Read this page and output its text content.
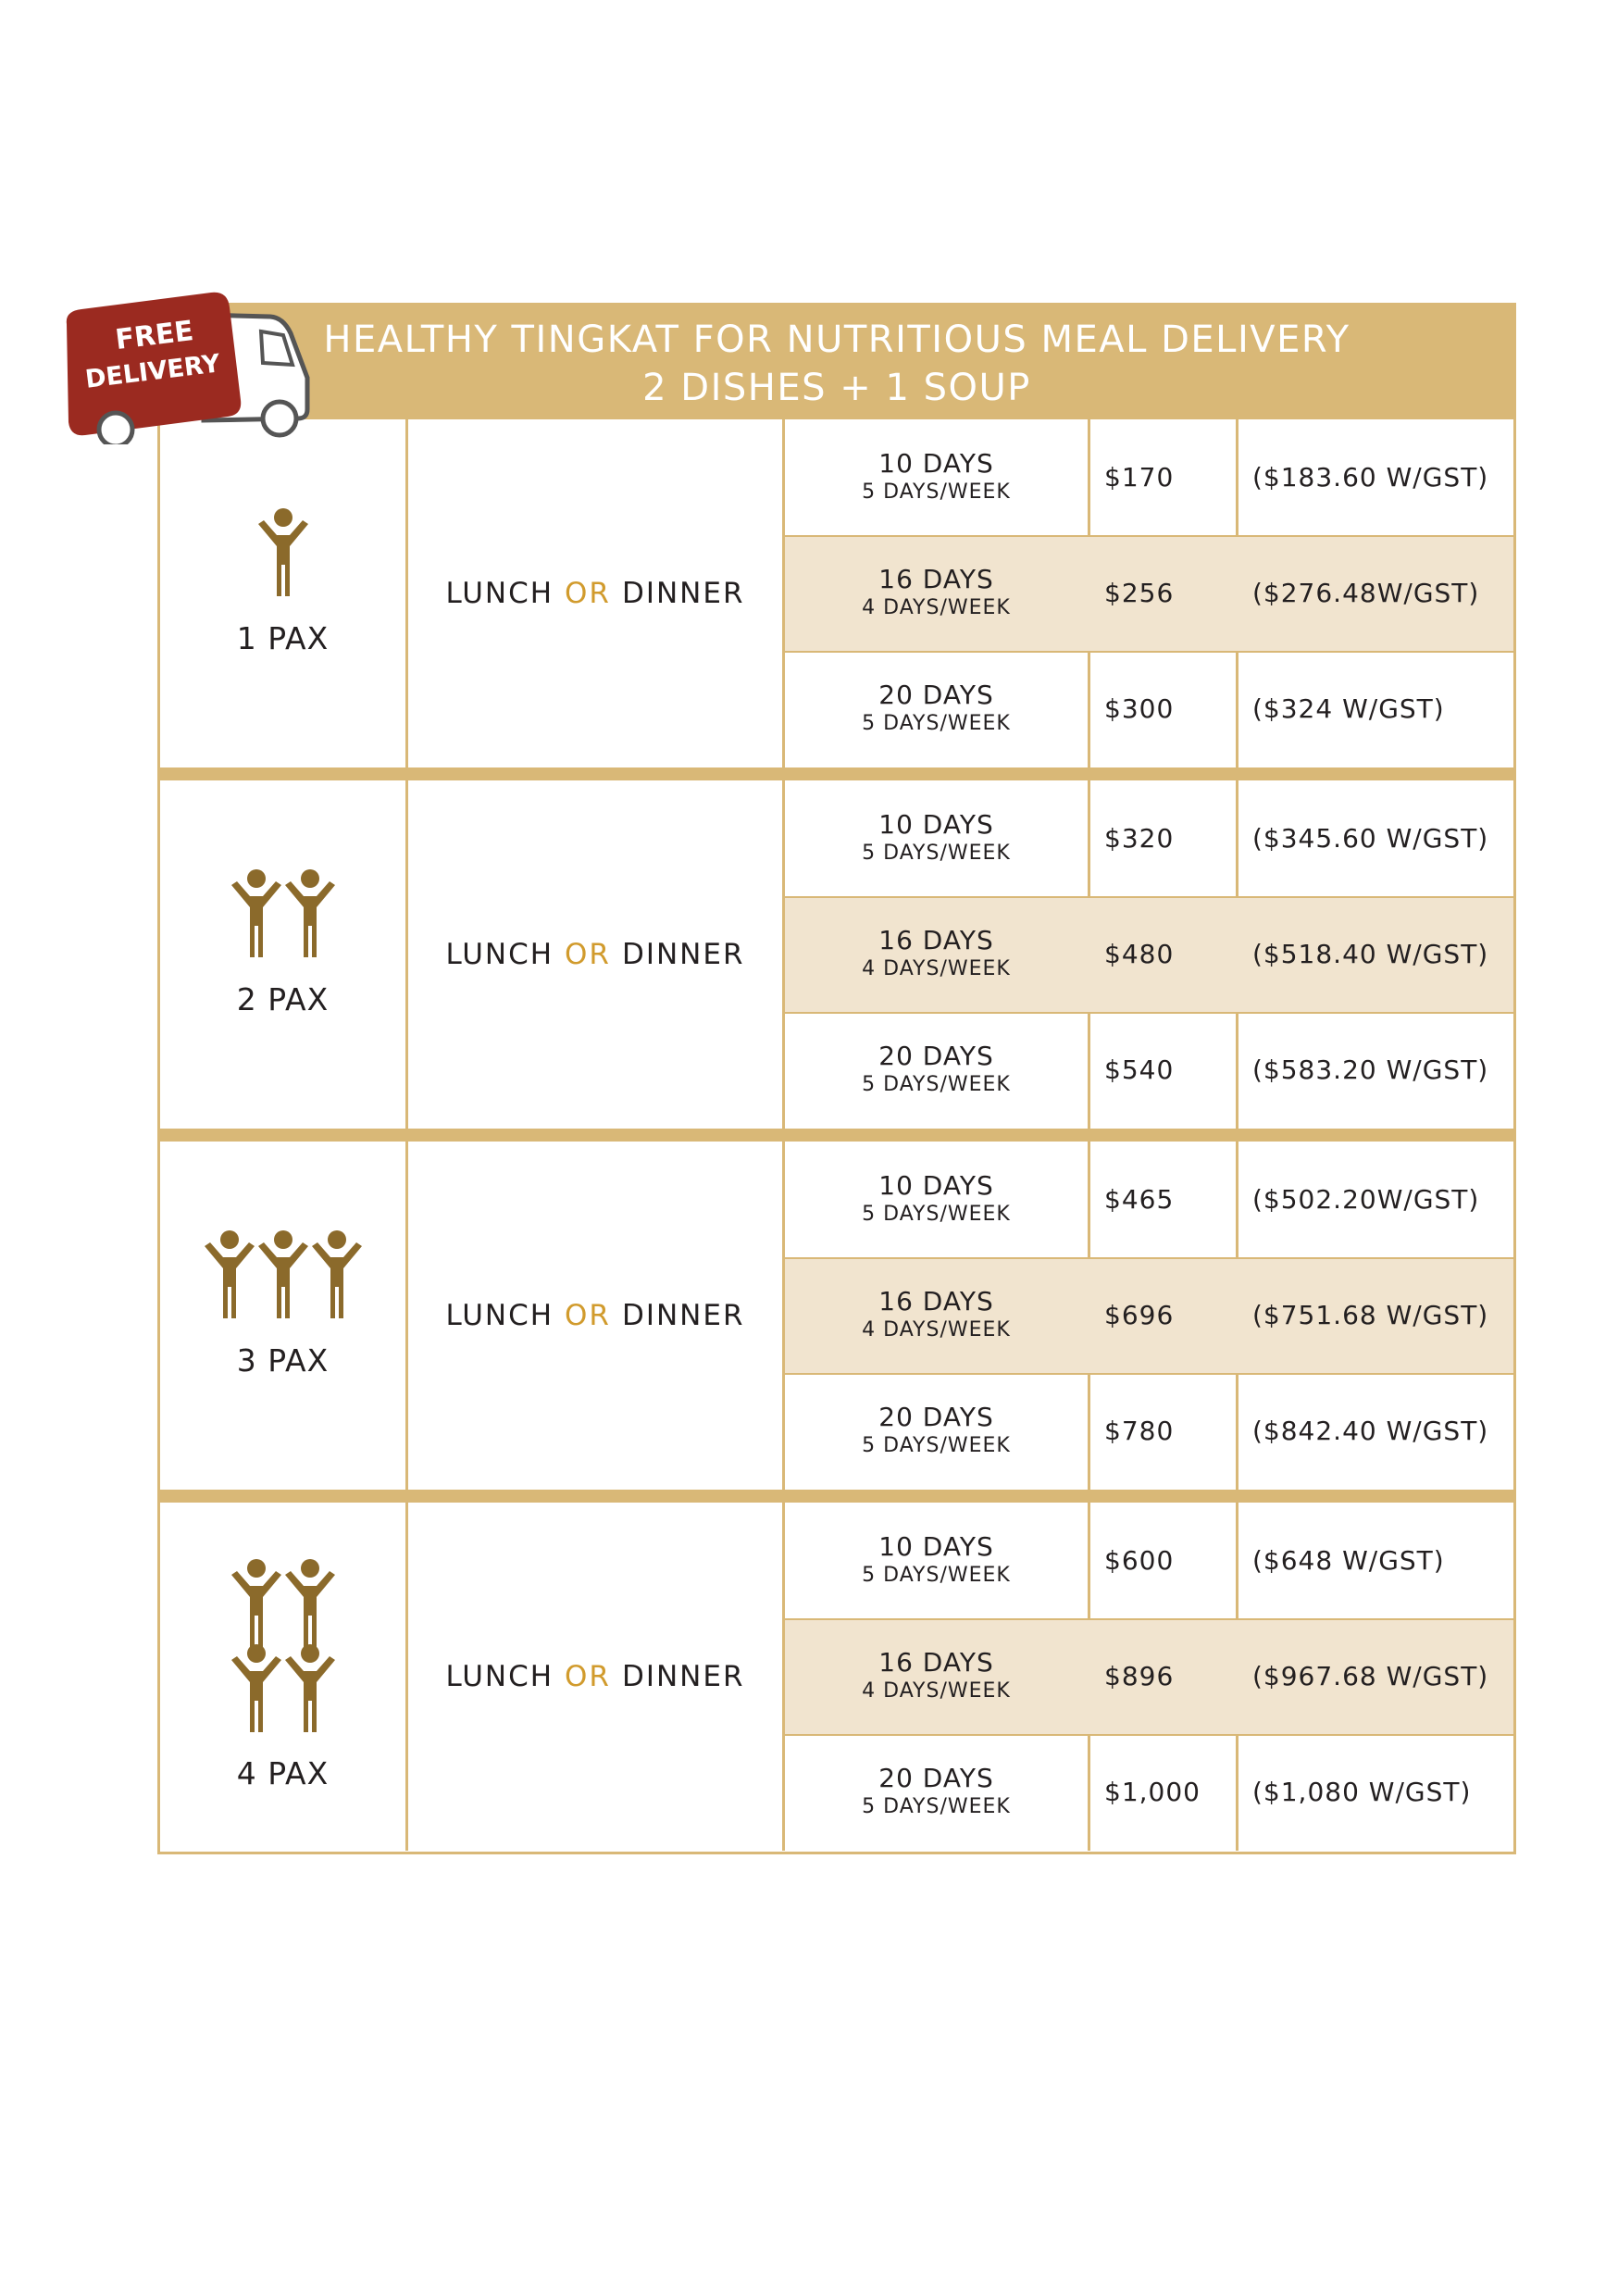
FREE
DELIVERY
HEALTHY TINGKAT FOR NUTRITIOUS MEAL DELIVERY
2 DISHES + 1 SOUP
1 PAX
LUNCH OR DINNER
10 DAYS
5 DAYS/WEEK	$170	($183.60 W/GST)
16 DAYS
4 DAYS/WEEK	$256	($276.48W/GST)
20 DAYS
5 DAYS/WEEK	$300	($324 W/GST)
2 PAX
LUNCH OR DINNER
10 DAYS
5 DAYS/WEEK	$320	($345.60 W/GST)
16 DAYS
4 DAYS/WEEK	$480	($518.40 W/GST)
20 DAYS
5 DAYS/WEEK	$540	($583.20 W/GST)
3 PAX
LUNCH OR DINNER
10 DAYS
5 DAYS/WEEK	$465	($502.20W/GST)
16 DAYS
4 DAYS/WEEK	$696	($751.68 W/GST)
20 DAYS
5 DAYS/WEEK	$780	($842.40 W/GST)
4 PAX
LUNCH OR DINNER
10 DAYS
5 DAYS/WEEK	$600	($648 W/GST)
16 DAYS
4 DAYS/WEEK	$896	($967.68 W/GST)
20 DAYS
5 DAYS/WEEK	$1,000 ($1,080 W/GST)
